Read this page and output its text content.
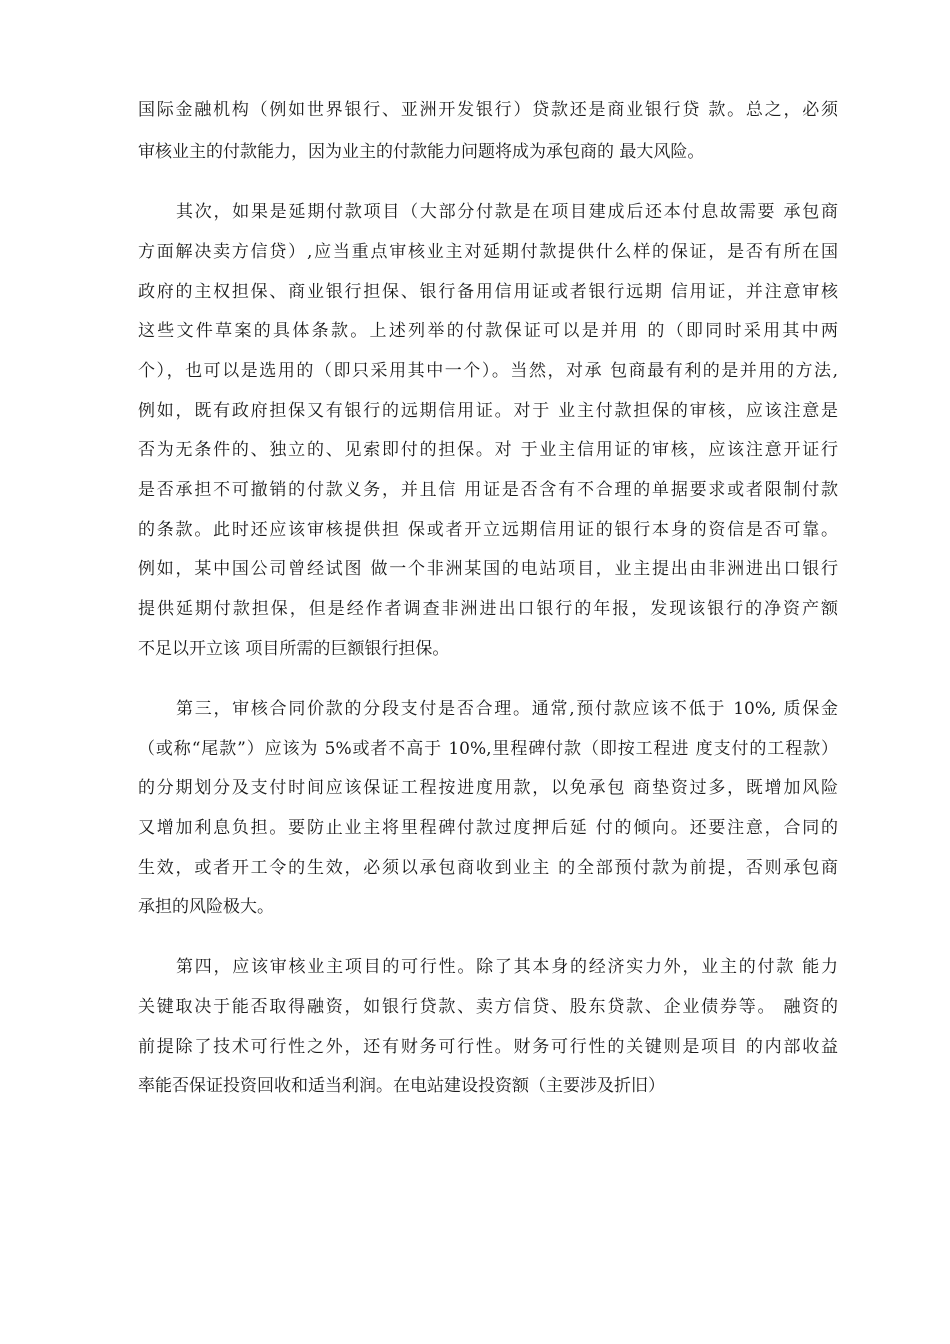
国际金融机构（例如世界银行、亚洲开发银行）贷款还是商业银行贷 款。总之，必须
审核业主的付款能力，因为业主的付款能力问题将成为承包商的 最大风险。
其次，如果是延期付款项目（大部分付款是在项目建成后还本付息故需要 承包商
方面解决卖方信贷）,应当重点审核业主对延期付款提供什么样的保证，是否有所在国
政府的主权担保、商业银行担保、银行备用信用证或者银行远期 信用证，并注意审核
这些文件草案的具体条款。上述列举的付款保证可以是并用 的（即同时采用其中两
个），也可以是选用的（即只采用其中一个）。当然，对承 包商最有利的是并用的方法,
例如，既有政府担保又有银行的远期信用证。对于 业主付款担保的审核，应该注意是
否为无条件的、独立的、见索即付的担保。对 于业主信用证的审核，应该注意开证行
是否承担不可撤销的付款义务，并且信 用证是否含有不合理的单据要求或者限制付款
的条款。此时还应该审核提供担 保或者开立远期信用证的银行本身的资信是否可靠。
例如，某中国公司曾经试图 做一个非洲某国的电站项目，业主提出由非洲进出口银行
提供延期付款担保，但是经作者调查非洲进出口银行的年报，发现该银行的净资产额
不足以开立该 项目所需的巨额银行担保。
第三，审核合同价款的分段支付是否合理。通常,预付款应该不低于 10%, 质保金
（或称“尾款”）应该为 5%或者不高于 10%,里程碑付款（即按工程进 度支付的工程款）
的分期划分及支付时间应该保证工程按进度用款，以免承包 商垫资过多，既增加风险
又增加利息负担。要防止业主将里程碑付款过度押后延 付的倾向。还要注意，合同的
生效，或者开工令的生效，必须以承包商收到业主 的全部预付款为前提，否则承包商
承担的风险极大。
第四，应该审核业主项目的可行性。除了其本身的经济实力外，业主的付款 能力
关键取决于能否取得融资，如银行贷款、卖方信贷、股东贷款、企业债券等。 融资的
前提除了技术可行性之外，还有财务可行性。财务可行性的关键则是项目 的内部收益
率能否保证投资回收和适当利润。在电站建设投资额（主要涉及折旧）
